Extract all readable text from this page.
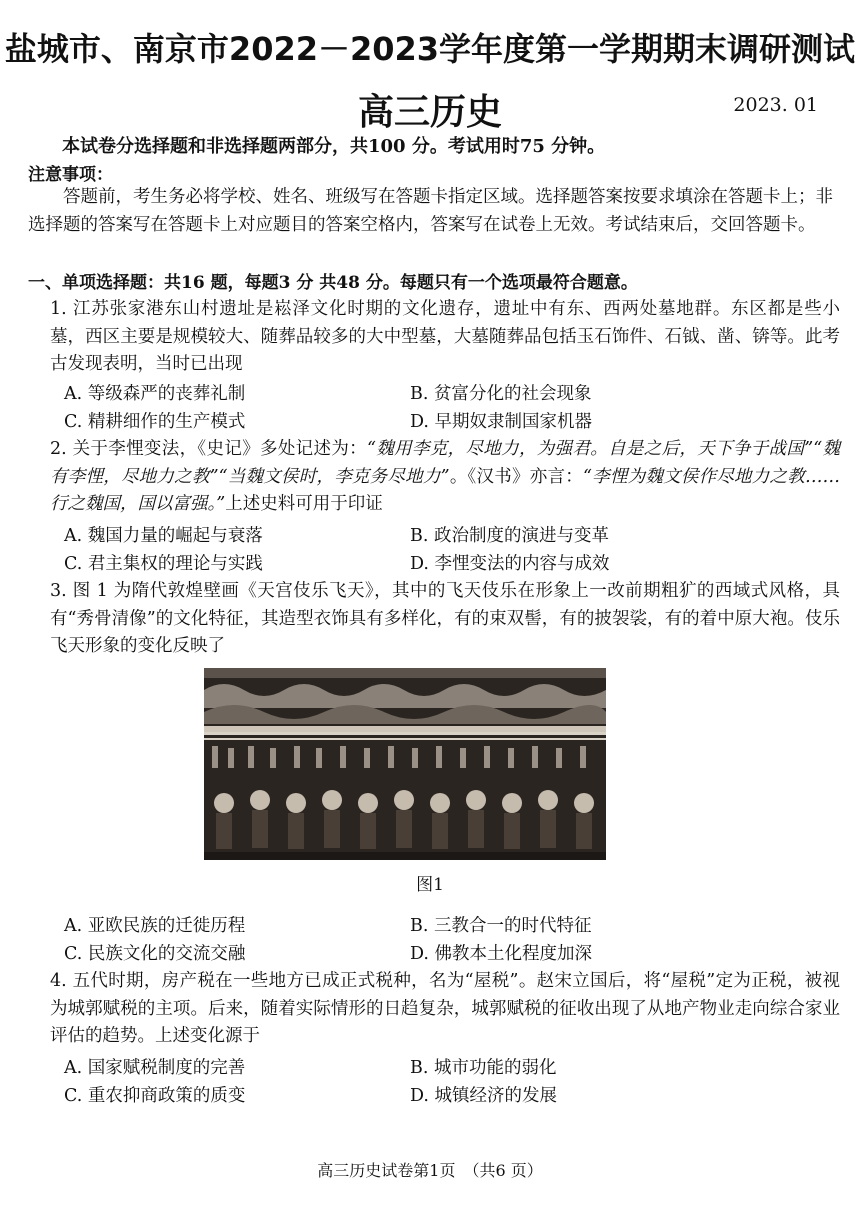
盐城市、南京市2022－2023学年度第一学期期末调研测试
高三历史	2023. 01
本试卷分选择题和非选择题两部分，共100 分。考试用时75 分钟。
注意事项：
答题前，考生务必将学校、姓名、班级写在答题卡指定区域。选择题答案按要求填涂在答题卡上；非选择题的答案写在答题卡上对应题目的答案空格内，答案写在试卷上无效。考试结束后，交回答题卡。
一、单项选择题：共16 题，每题3 分 共48 分。每题只有一个选项最符合题意。
1. 江苏张家港东山村遗址是崧泽文化时期的文化遗存，遗址中有东、西两处墓地群。东区都是些小墓，西区主要是规模较大、随葬品较多的大中型墓，大墓随葬品包括玉石饰件、石钺、凿、锛等。此考古发现表明，当时已出现
A. 等级森严的丧葬礼制	B. 贫富分化的社会现象
C. 精耕细作的生产模式	D. 早期奴隶制国家机器
2. 关于李悝变法，《史记》多处记述为：“魏用李克，尽地力，为强君。自是之后，天下争于战国”“魏有李悝，尽地力之教”“当魏文侯时，李克务尽地力”。《汉书》亦言：“李悝为魏文侯作尽地力之教……行之魏国，国以富强。”上述史料可用于印证
A. 魏国力量的崛起与衰落	B. 政治制度的演进与变革
C. 君主集权的理论与实践	D. 李悝变法的内容与成效
3. 图 1 为隋代敦煌壁画《天宫伎乐飞天》，其中的飞天伎乐在形象上一改前期粗犷的西域式风格，具有“秀骨清像”的文化特征，其造型衣饰具有多样化，有的束双髻，有的披袈裟，有的着中原大袍。伎乐飞天形象的变化反映了
图1
A. 亚欧民族的迁徙历程	B. 三教合一的时代特征
C. 民族文化的交流交融	D. 佛教本土化程度加深
4. 五代时期，房产税在一些地方已成正式税种，名为“屋税”。赵宋立国后，将“屋税”定为正税，被视为城郭赋税的主项。后来，随着实际情形的日趋复杂，城郭赋税的征收出现了从地产物业走向综合家业评估的趋势。上述变化源于
A. 国家赋税制度的完善	B. 城市功能的弱化
C. 重农抑商政策的质变	D. 城镇经济的发展
高三历史试卷第1页　（共6 页）
